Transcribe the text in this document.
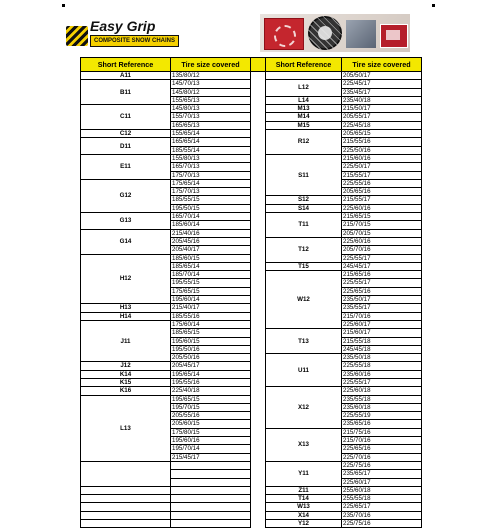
Easy Grip
COMPOSITE SNOW CHAINS
Short Reference	Tire size covered		Short Reference	Tire size covered
A11	135/80/12			205/50/17
B11	145/70/13		L12	225/45/17
	145/80/12			235/45/17
	155/65/13		L14	235/40/18
C11	145/80/13		M13	215/50/17
	155/70/13		M14	205/55/17
	165/65/13		M15	225/45/18
C12	155/65/14		R12	205/65/15
D11	165/65/14			215/55/16
	185/55/14			225/50/16
E11	155/80/13		S11	215/60/16
	165/70/13			225/50/17
	175/70/13			215/55/17
G12	175/65/14			225/55/16
	175/70/13			205/65/16
	185/55/15		S12	215/55/17
	195/50/15		S14	225/60/16
G13	165/70/14		T11	215/65/15
	185/60/14			215/70/15
G14	215/40/16			205/70/15
	205/45/16		T12	225/60/16
	205/40/17			205/70/16
H12	185/60/15			225/55/17
	185/65/14		T15	245/45/17
	185/70/14		W12	215/65/16
	195/55/15			225/55/17
	175/65/15			225/65/16
	195/60/14			235/50/17
H13	215/40/17			235/55/17
H14	185/55/16			215/70/16
J11	175/60/14			225/60/17
	185/65/15		T13	215/60/17
	195/60/15			215/55/18
	195/50/16			245/45/18
	205/50/16		U11	235/50/18
J12	205/45/17			225/55/18
K14	195/65/14			235/60/16
K15	195/55/16			225/55/17
K16	225/40/18		X12	225/60/18
L13	195/65/15			235/55/18
	195/70/15			235/60/18
	205/55/16			225/55/19
	205/60/15			235/65/16
	175/80/15		X13	215/75/16
	195/60/16			215/70/16
	195/70/14			225/65/16
	215/45/17			225/70/16
			Y11	225/75/16
				235/65/17
				225/60/17
			Z11	255/60/18
			T14	255/55/18
			W13	225/65/17
			X14	235/70/16
			Y12	225/75/16
